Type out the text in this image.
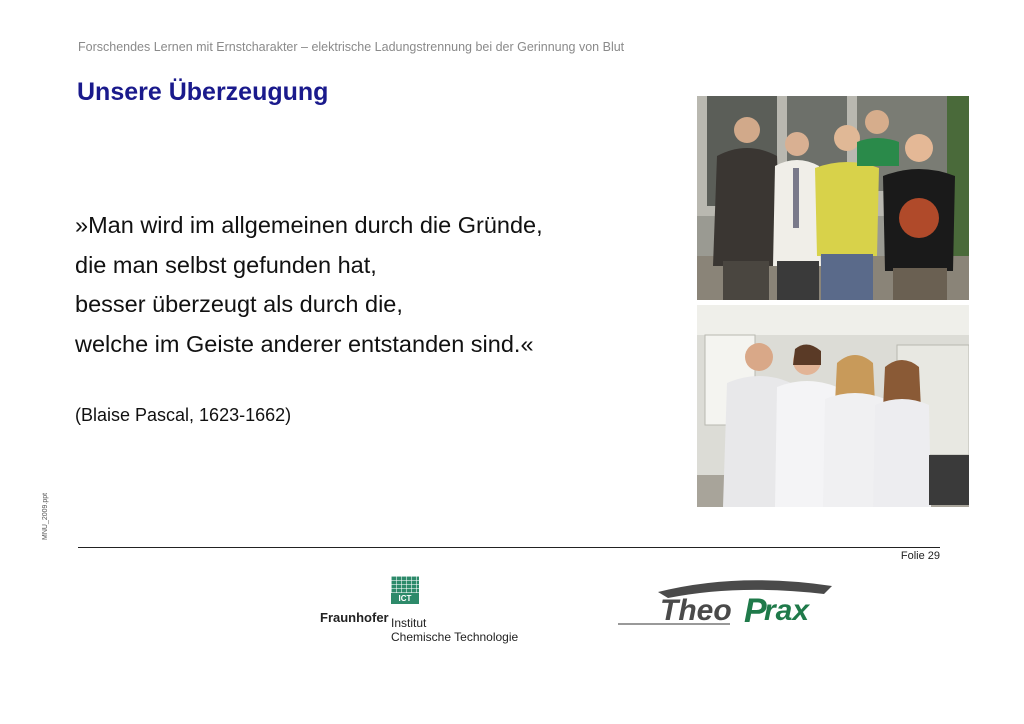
Forschendes Lernen mit Ernstcharakter – elektrische Ladungstrennung bei der Gerinnung von Blut
Unsere Überzeugung
»Man wird im allgemeinen durch die Gründe,
die man selbst gefunden hat,
besser überzeugt als durch die,
welche im Geiste anderer entstanden sind.«
(Blaise Pascal, 1623-1662)
MNU_2009.ppt
Folie 29
ICT
Fraunhofer Institut
Chemische Technologie
Theo P
rax
